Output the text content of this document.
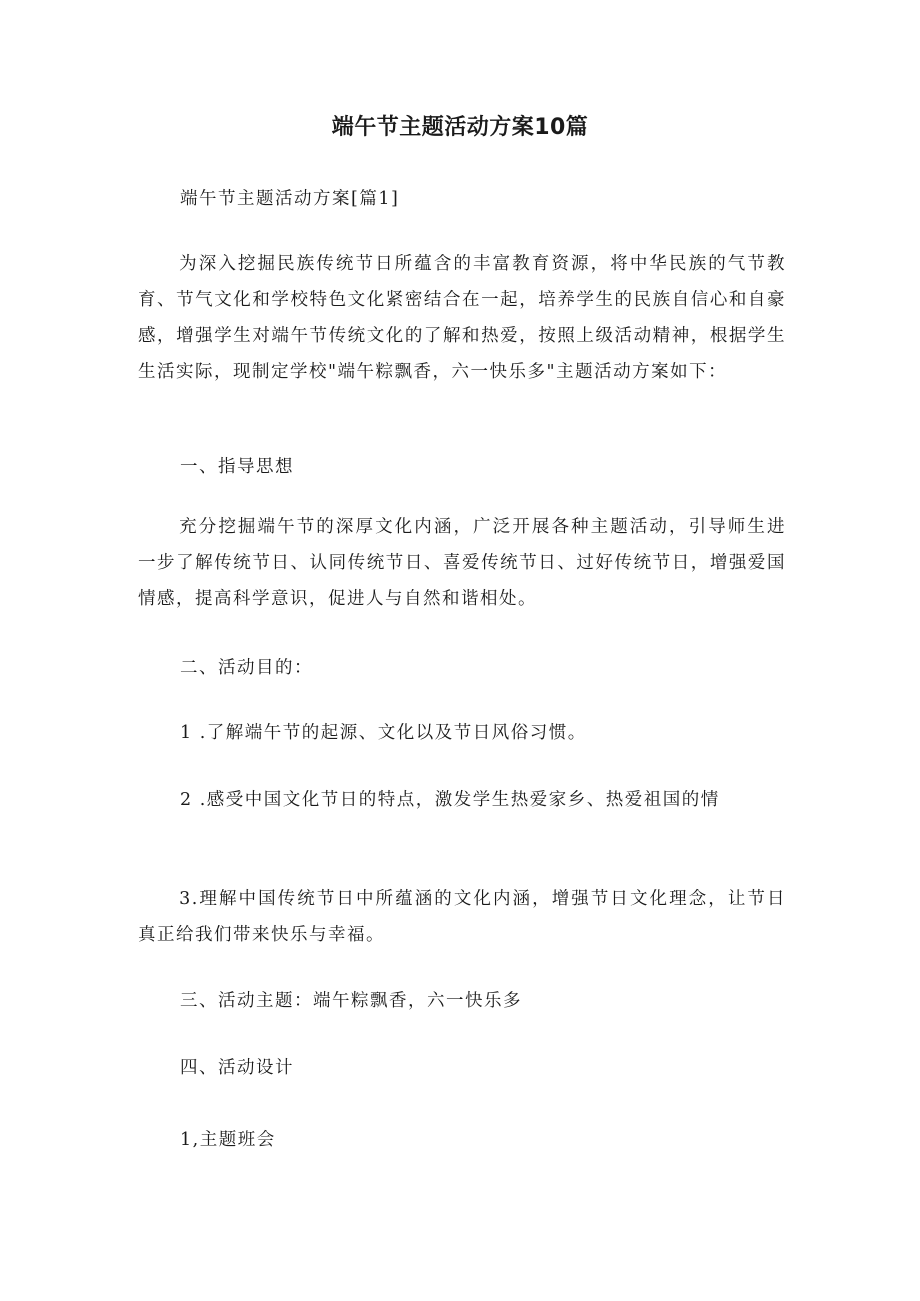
端午节主题活动方案10篇
端午节主题活动方案[篇1]
为深入挖掘民族传统节日所蕴含的丰富教育资源，将中华民族的气节教育、节气文化和学校特色文化紧密结合在一起，培养学生的民族自信心和自豪感，增强学生对端午节传统文化的了解和热爱，按照上级活动精神，根据学生生活实际，现制定学校"端午粽飘香，六一快乐多"主题活动方案如下：
一、指导思想
充分挖掘端午节的深厚文化内涵，广泛开展各种主题活动，引导师生进一步了解传统节日、认同传统节日、喜爱传统节日、过好传统节日，增强爱国情感，提高科学意识，促进人与自然和谐相处。
二、活动目的：
1 .了解端午节的起源、文化以及节日风俗习惯。
2 .感受中国文化节日的特点，激发学生热爱家乡、热爱祖国的情
3.理解中国传统节日中所蕴涵的文化内涵，增强节日文化理念，让节日真正给我们带来快乐与幸福。
三、活动主题：端午粽飘香，六一快乐多
四、活动设计
1,主题班会
